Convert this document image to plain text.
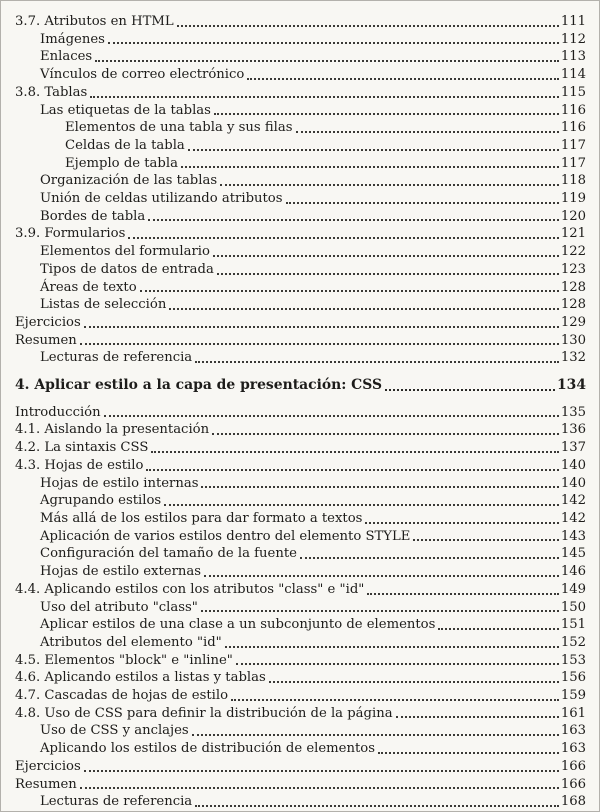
3.7. Atributos en HTML	111
Imágenes	112
Enlaces	113
Vínculos de correo electrónico	114
3.8. Tablas	115
Las etiquetas de la tablas	116
Elementos de una tabla y sus filas	116
Celdas de la tabla	117
Ejemplo de tabla	117
Organización de las tablas	118
Unión de celdas utilizando atributos	119
Bordes de tabla	120
3.9. Formularios	121
Elementos del formulario	122
Tipos de datos de entrada	123
Áreas de texto	128
Listas de selección	128
Ejercicios	129
Resumen	130
Lecturas de referencia	132
4. Aplicar estilo a la capa de presentación: CSS	134
Introducción	135
4.1. Aislando la presentación	136
4.2. La sintaxis CSS	137
4.3. Hojas de estilo	140
Hojas de estilo internas	140
Agrupando estilos	142
Más allá de los estilos para dar formato a textos	142
Aplicación de varios estilos dentro del elemento STYLE	143
Configuración del tamaño de la fuente	145
Hojas de estilo externas	146
4.4. Aplicando estilos con los atributos "class" e "id"	149
Uso del atributo "class"	150
Aplicar estilos de una clase a un subconjunto de elementos	151
Atributos del elemento "id"	152
4.5. Elementos "block" e "inline"	153
4.6. Aplicando estilos a listas y tablas	156
4.7. Cascadas de hojas de estilo	159
4.8. Uso de CSS para definir la distribución de la página	161
Uso de CSS y anclajes	163
Aplicando los estilos de distribución de elementos	163
Ejercicios	166
Resumen	166
Lecturas de referencia	168
